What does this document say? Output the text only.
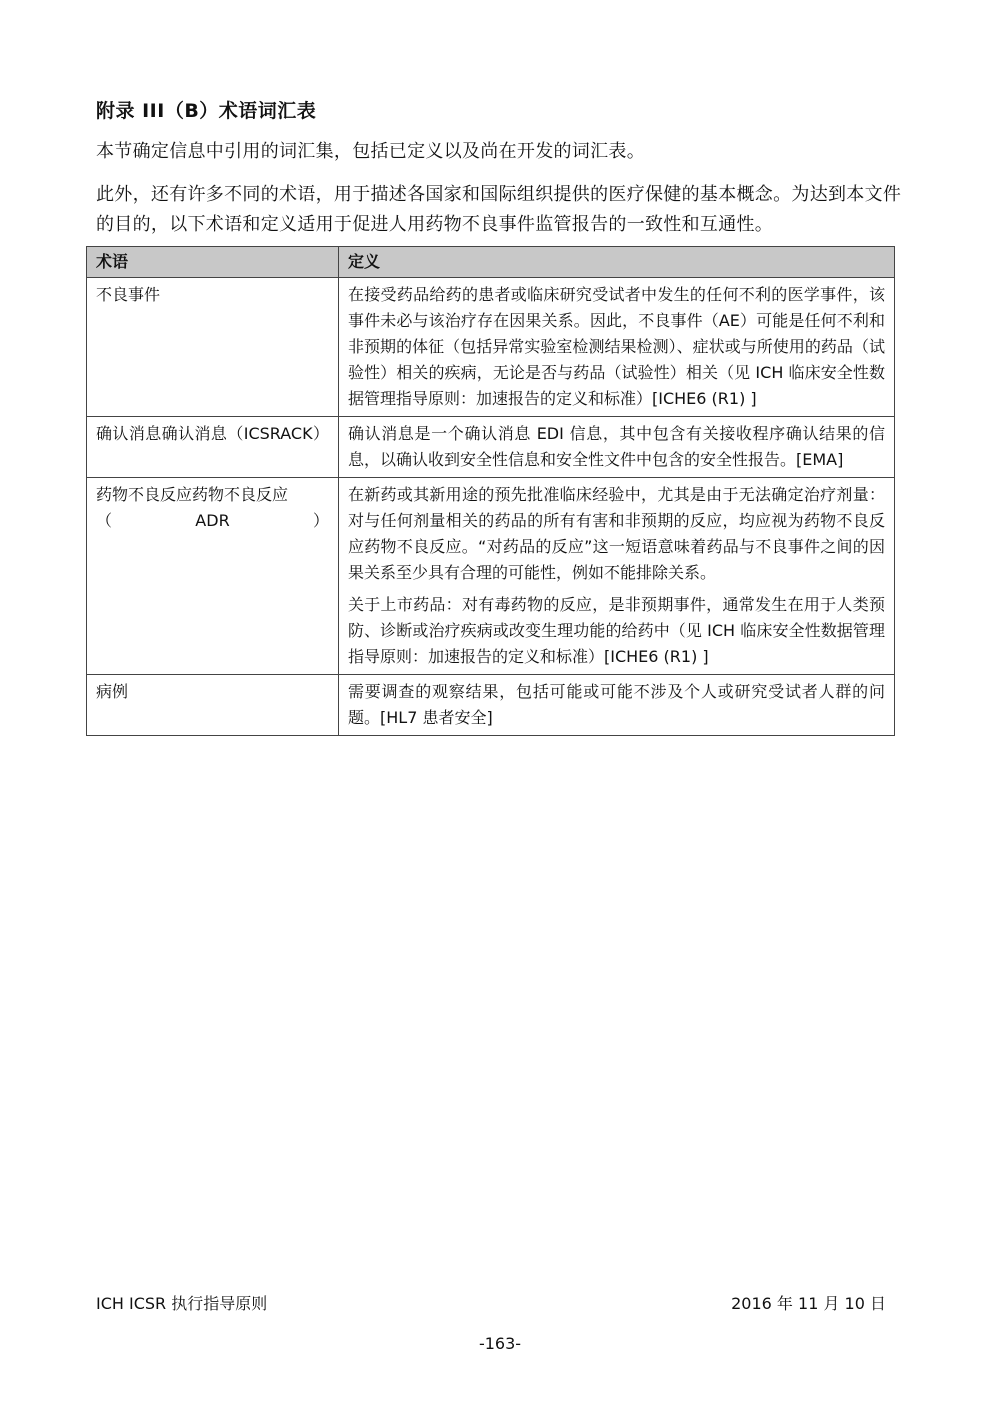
附录 III（B）术语词汇表
本节确定信息中引用的词汇集，包括已定义以及尚在开发的词汇表。
此外，还有许多不同的术语，用于描述各国家和国际组织提供的医疗保健的基本概念。为达到本文件的目的，以下术语和定义适用于促进人用药物不良事件监管报告的一致性和互通性。
术语	定义
不良事件	在接受药品给药的患者或临床研究受试者中发生的任何不利的医学事件，该事件未必与该治疗存在因果关系。因此，不良事件（AE）可能是任何不利和非预期的体征（包括异常实验室检测结果检测）、症状或与所使用的药品（试验性）相关的疾病，无论是否与药品（试验性）相关（见 ICH 临床安全性数据管理指导原则：加速报告的定义和标准）[ICHE6 (R1) ]

确认消息确认消息（ICSRACK）	确认消息是一个确认消息 EDI 信息，其中包含有关接收程序确认结果的信息，以确认收到安全性信息和安全性文件中包含的安全性报告。[EMA]

药物不良反应药物不良反应（ADR）	在新药或其新用途的预先批准临床经验中，尤其是由于无法确定治疗剂量：对与任何剂量相关的药品的所有有害和非预期的反应，均应视为药物不良反应药物不良反应。“对药品的反应”这一短语意味着药品与不良事件之间的因果关系至少具有合理的可能性，例如不能排除关系。
关于上市药品：对有毒药物的反应，是非预期事件，通常发生在用于人类预防、诊断或治疗疾病或改变生理功能的给药中（见 ICH 临床安全性数据管理指导原则：加速报告的定义和标准）[ICHE6 (R1) ]

病例	需要调查的观察结果，包括可能或可能不涉及个人或研究受试者人群的问题。[HL7 患者安全]
ICH ICSR 执行指导原则	2016 年 11 月 10 日
-163-
